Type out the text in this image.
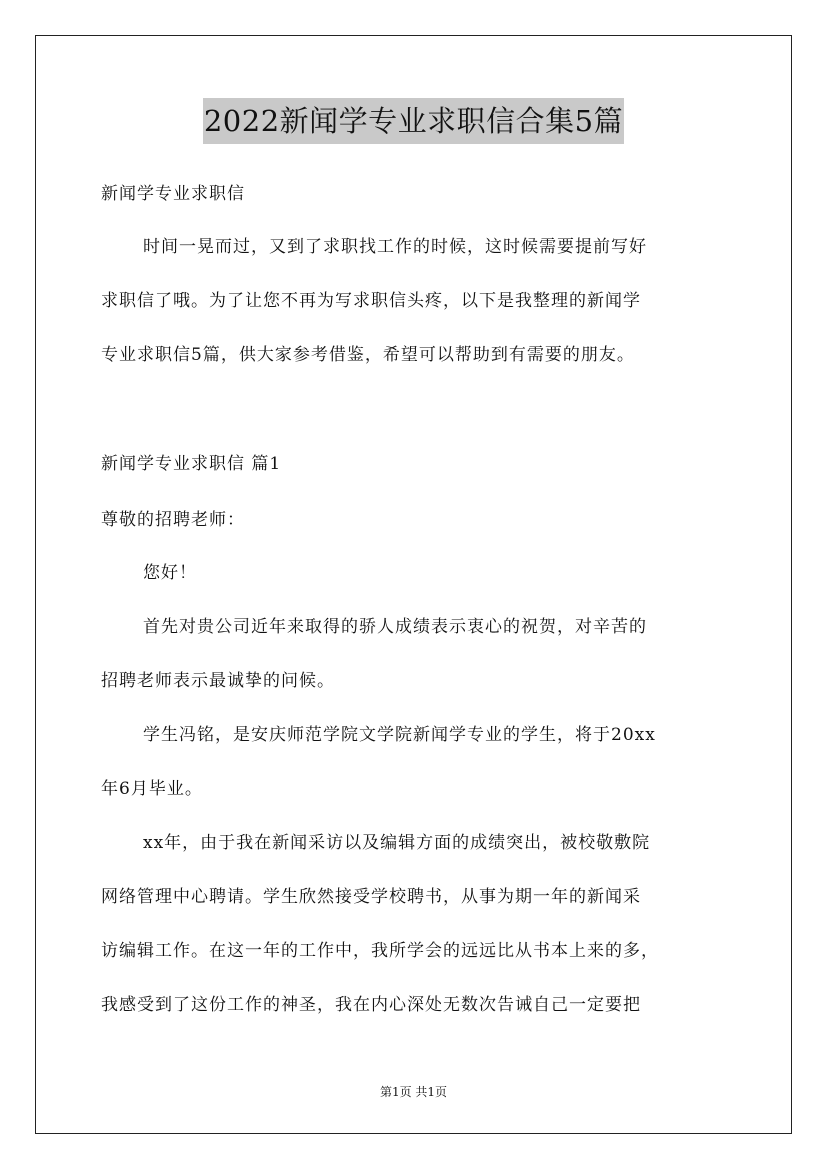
2022新闻学专业求职信合集5篇
新闻学专业求职信
时间一晃而过，又到了求职找工作的时候，这时候需要提前写好
求职信了哦。为了让您不再为写求职信头疼，以下是我整理的新闻学
专业求职信5篇，供大家参考借鉴，希望可以帮助到有需要的朋友。
新闻学专业求职信 篇1
尊敬的招聘老师：
您好！
首先对贵公司近年来取得的骄人成绩表示衷心的祝贺，对辛苦的
招聘老师表示最诚挚的问候。
学生冯铭，是安庆师范学院文学院新闻学专业的学生，将于20xx
年6月毕业。
xx年，由于我在新闻采访以及编辑方面的成绩突出，被校敬敷院
网络管理中心聘请。学生欣然接受学校聘书，从事为期一年的新闻采
访编辑工作。在这一年的工作中，我所学会的远远比从书本上来的多，
我感受到了这份工作的神圣，我在内心深处无数次告诫自己一定要把
第1页 共1页
